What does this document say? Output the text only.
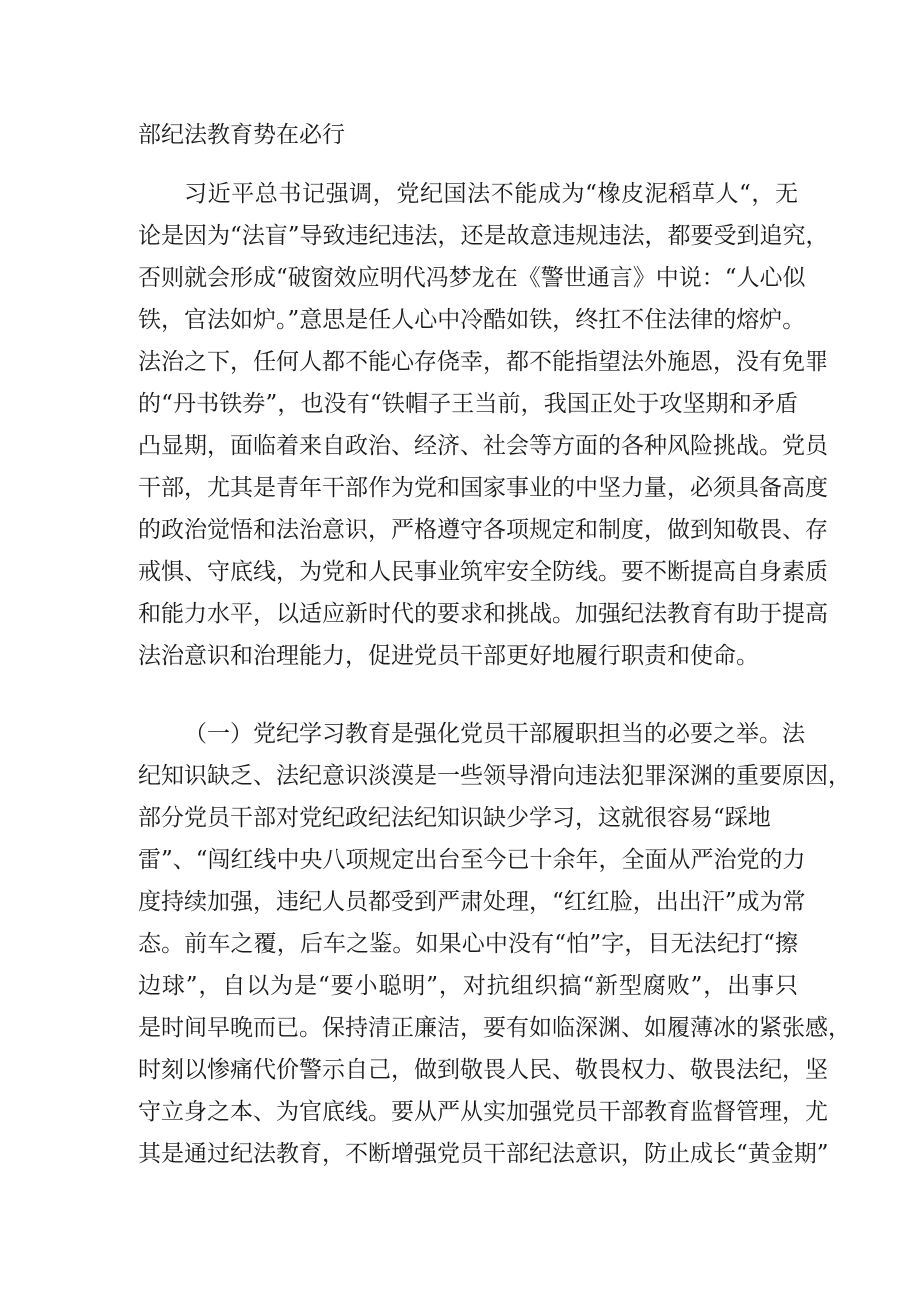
部纪法教育势在必行

习近平总书记强调，党纪国法不能成为“橡皮泥稻草人“，无
论是因为“法盲”导致违纪违法，还是故意违规违法，都要受到追究，
否则就会形成“破窗效应明代冯梦龙在《警世通言》中说：“人心似
铁，官法如炉。”意思是任人心中冷酷如铁，终扛不住法律的熔炉。
法治之下，任何人都不能心存侥幸，都不能指望法外施恩，没有免罪
的“丹书铁券”，也没有“铁帽子王当前，我国正处于攻坚期和矛盾
凸显期，面临着来自政治、经济、社会等方面的各种风险挑战。党员
干部，尤其是青年干部作为党和国家事业的中坚力量，必须具备高度
的政治觉悟和法治意识，严格遵守各项规定和制度，做到知敬畏、存
戒惧、守底线，为党和人民事业筑牢安全防线。要不断提高自身素质
和能力水平，以适应新时代的要求和挑战。加强纪法教育有助于提高
法治意识和治理能力，促进党员干部更好地履行职责和使命。

（一）党纪学习教育是强化党员干部履职担当的必要之举。法
纪知识缺乏、法纪意识淡漠是一些领导滑向违法犯罪深渊的重要原因，
部分党员干部对党纪政纪法纪知识缺少学习，这就很容易“踩地
雷”、“闯红线中央八项规定出台至今已十余年，全面从严治党的力
度持续加强，违纪人员都受到严肃处理，“红红脸，出出汗”成为常
态。前车之覆，后车之鉴。如果心中没有“怕”字，目无法纪打“擦
边球”，自以为是“要小聪明”，对抗组织搞“新型腐败”，出事只
是时间早晚而已。保持清正廉洁，要有如临深渊、如履薄冰的紧张感，
时刻以惨痛代价警示自己，做到敬畏人民、敬畏权力、敬畏法纪，坚
守立身之本、为官底线。要从严从实加强党员干部教育监督管理，尤
其是通过纪法教育，不断增强党员干部纪法意识，防止成长“黄金期”
